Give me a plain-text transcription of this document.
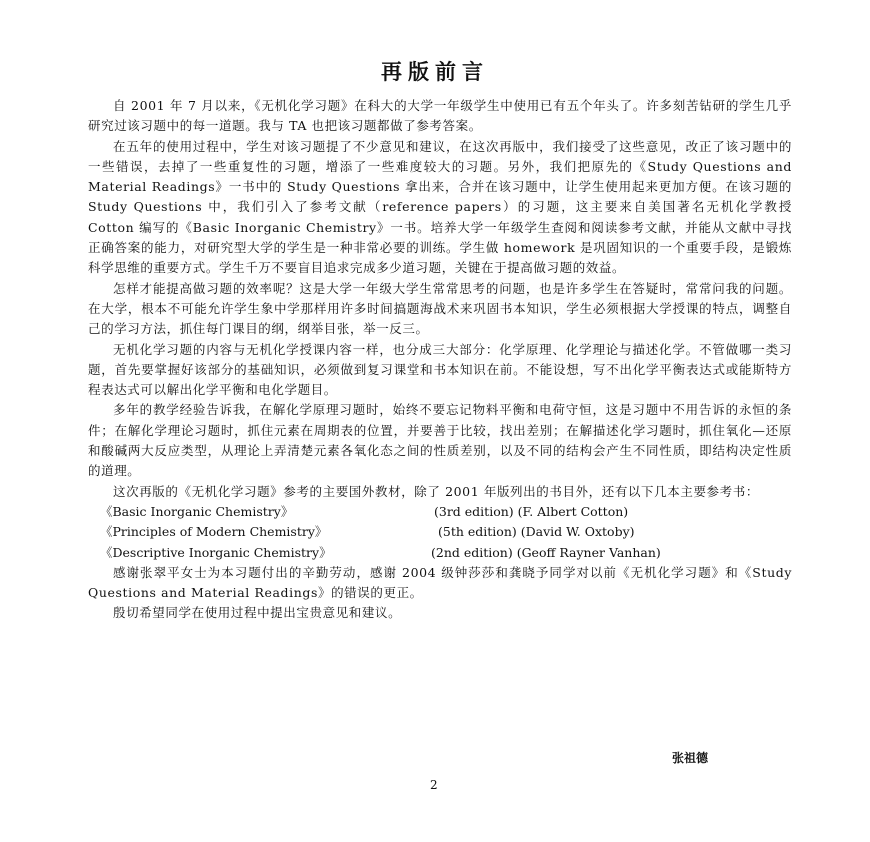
再版前言

自 2001 年 7 月以来，《无机化学习题》在科大的大学一年级学生中使用已有五个年头了。许多刻苦钻研的学生几乎研究过该习题中的每一道题。我与 TA 也把该习题都做了参考答案。

在五年的使用过程中，学生对该习题提了不少意见和建议，在这次再版中，我们接受了这些意见，改正了该习题中的一些错误，去掉了一些重复性的习题，增添了一些难度较大的习题。另外，我们把原先的《Study Questions and Material Readings》一书中的 Study Questions 拿出来，合并在该习题中，让学生使用起来更加方便。在该习题的 Study Questions 中，我们引入了参考文献（reference papers）的习题，这主要来自美国著名无机化学教授 Cotton 编写的《Basic Inorganic Chemistry》一书。培养大学一年级学生查阅和阅读参考文献，并能从文献中寻找正确答案的能力，对研究型大学的学生是一种非常必要的训练。学生做 homework 是巩固知识的一个重要手段，是锻炼科学思维的重要方式。学生千万不要盲目追求完成多少道习题，关键在于提高做习题的效益。

怎样才能提高做习题的效率呢？这是大学一年级大学生常常思考的问题，也是许多学生在答疑时，常常问我的问题。在大学，根本不可能允许学生象中学那样用许多时间搞题海战术来巩固书本知识，学生必须根据大学授课的特点，调整自己的学习方法，抓住每门课目的纲，纲举目张，举一反三。

无机化学习题的内容与无机化学授课内容一样，也分成三大部分：化学原理、化学理论与描述化学。不管做哪一类习题，首先要掌握好该部分的基础知识，必须做到复习课堂和书本知识在前。不能设想，写不出化学平衡表达式或能斯特方程表达式可以解出化学平衡和电化学题目。

多年的教学经验告诉我，在解化学原理习题时，始终不要忘记物料平衡和电荷守恒，这是习题中不用告诉的永恒的条件；在解化学理论习题时，抓住元素在周期表的位置，并要善于比较，找出差别；在解描述化学习题时，抓住氧化—还原和酸碱两大反应类型，从理论上弄清楚元素各氧化态之间的性质差别，以及不同的结构会产生不同性质，即结构决定性质的道理。

这次再版的《无机化学习题》参考的主要国外教材，除了 2001 年版列出的书目外，还有以下几本主要参考书：

《Basic Inorganic Chemistry》	(3rd edition) (F. Albert Cotton)
《Principles of Modern Chemistry》	(5th edition) (David W. Oxtoby)
《Descriptive Inorganic Chemistry》	(2nd edition) (Geoff Rayner Vanhan)

感谢张翠平女士为本习题付出的辛勤劳动，感谢 2004 级钟莎莎和龚晓予同学对以前《无机化学习题》和《Study Questions and Material Readings》的错误的更正。

殷切希望同学在使用过程中提出宝贵意见和建议。

张祖德
2
